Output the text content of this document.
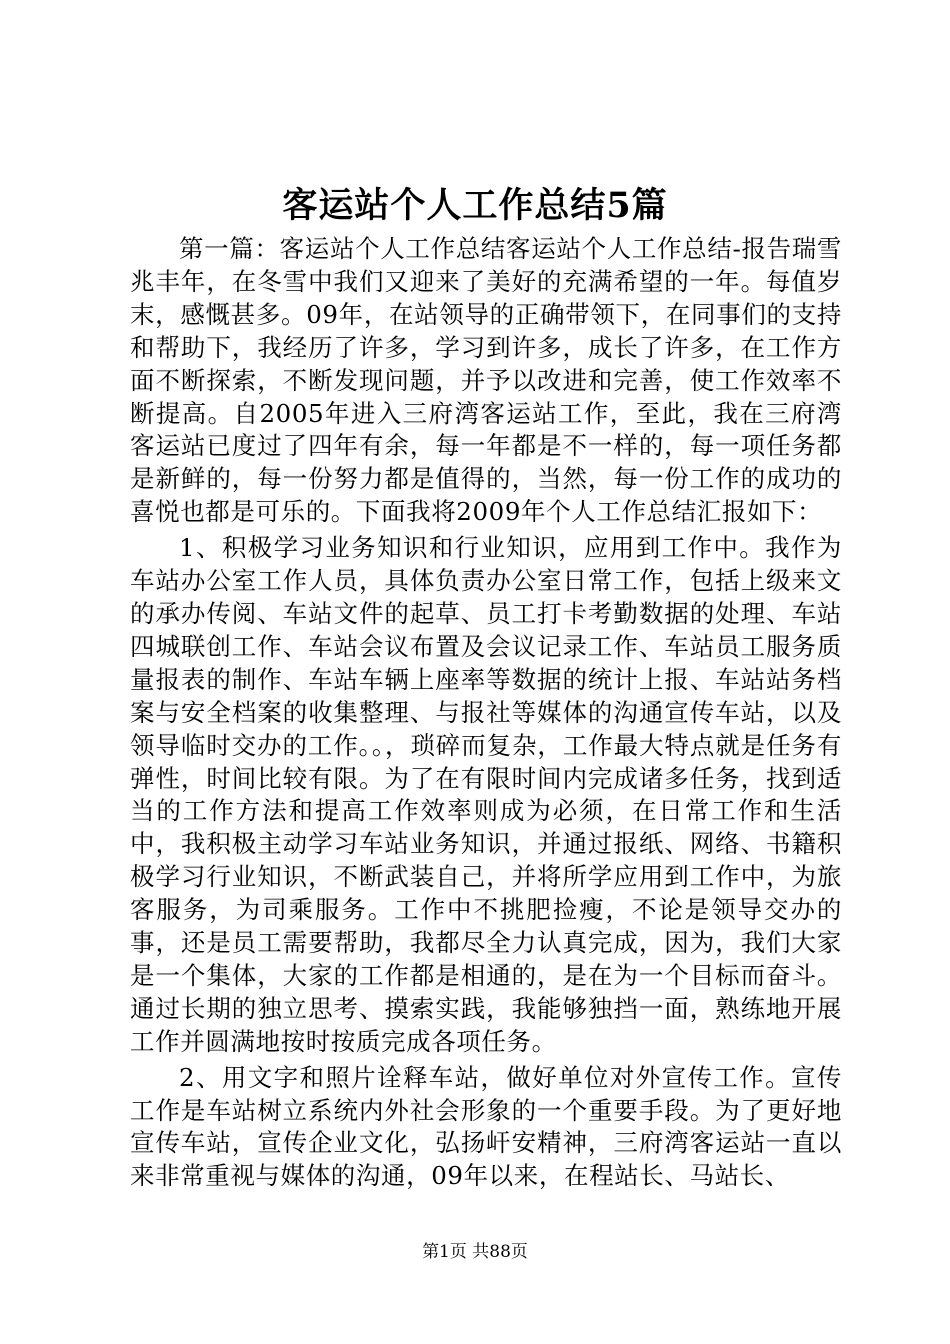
客运站个人工作总结5篇

第一篇：客运站个人工作总结客运站个人工作总结-报告瑞雪兆丰年，在冬雪中我们又迎来了美好的充满希望的一年。每值岁末，感慨甚多。09年，在站领导的正确带领下，在同事们的支持和帮助下，我经历了许多，学习到许多，成长了许多，在工作方面不断探索，不断发现问题，并予以改进和完善，使工作效率不断提高。自2005年进入三府湾客运站工作，至此，我在三府湾客运站已度过了四年有余，每一年都是不一样的，每一项任务都是新鲜的，每一份努力都是值得的，当然，每一份工作的成功的喜悦也都是可乐的。下面我将2009年个人工作总结汇报如下：

1、积极学习业务知识和行业知识，应用到工作中。我作为车站办公室工作人员，具体负责办公室日常工作，包括上级来文的承办传阅、车站文件的起草、员工打卡考勤数据的处理、车站四城联创工作、车站会议布置及会议记录工作、车站员工服务质量报表的制作、车站车辆上座率等数据的统计上报、车站站务档案与安全档案的收集整理、与报社等媒体的沟通宣传车站，以及领导临时交办的工作。。，琐碎而复杂，工作最大特点就是任务有弹性，时间比较有限。为了在有限时间内完成诸多任务，找到适当的工作方法和提高工作效率则成为必须，在日常工作和生活中，我积极主动学习车站业务知识，并通过报纸、网络、书籍积极学习行业知识，不断武装自己，并将所学应用到工作中，为旅客服务，为司乘服务。工作中不挑肥捡瘦，不论是领导交办的事，还是员工需要帮助，我都尽全力认真完成，因为，我们大家是一个集体，大家的工作都是相通的，是在为一个目标而奋斗。通过长期的独立思考、摸索实践，我能够独挡一面，熟练地开展工作并圆满地按时按质完成各项任务。

2、用文字和照片诠释车站，做好单位对外宣传工作。宣传工作是车站树立系统内外社会形象的一个重要手段。为了更好地宣传车站，宣传企业文化，弘扬屽安精神，三府湾客运站一直以来非常重视与媒体的沟通，09年以来，在程站长、马站长、

第1页 共88页
